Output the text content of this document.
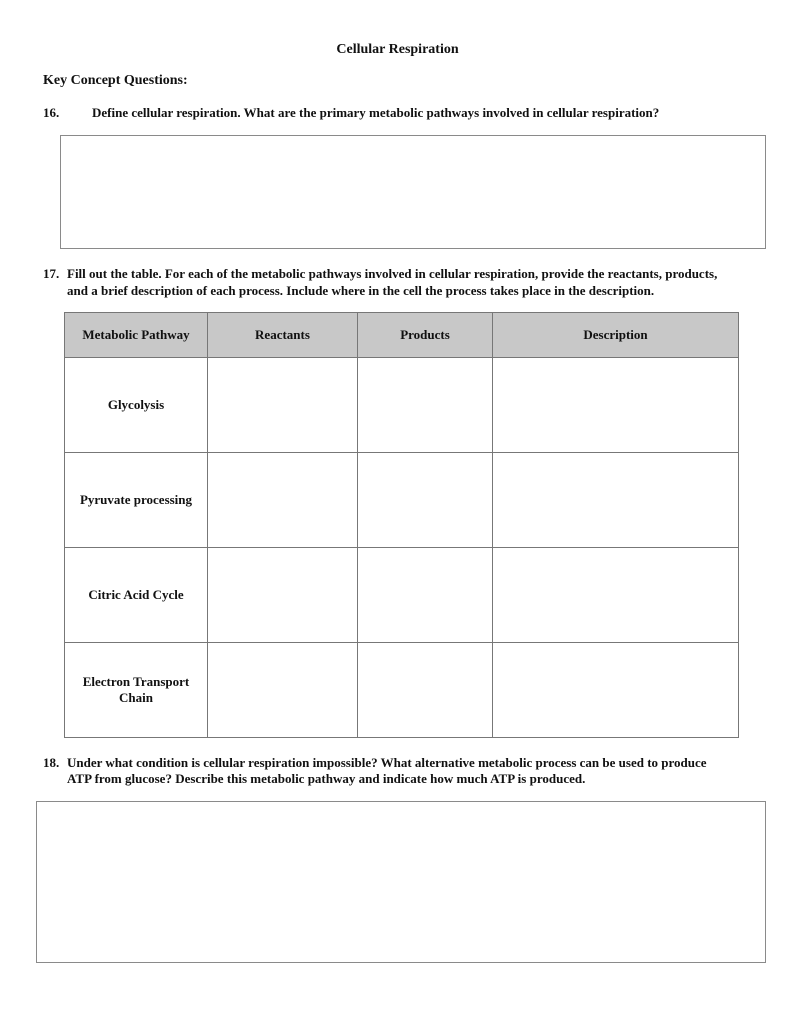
Cellular Respiration
Key Concept Questions:
16.	Define cellular respiration. What are the primary metabolic pathways involved in cellular respiration?
17. Fill out the table. For each of the metabolic pathways involved in cellular respiration, provide the reactants, products,
and a brief description of each process. Include where in the cell the process takes place in the description.
Metabolic Pathway	Reactants	Products	Description
Glycolysis			
Pyruvate processing			
Citric Acid Cycle			
Electron Transport Chain			
18. Under what condition is cellular respiration impossible? What alternative metabolic process can be used to produce
ATP from glucose? Describe this metabolic pathway and indicate how much ATP is produced.
